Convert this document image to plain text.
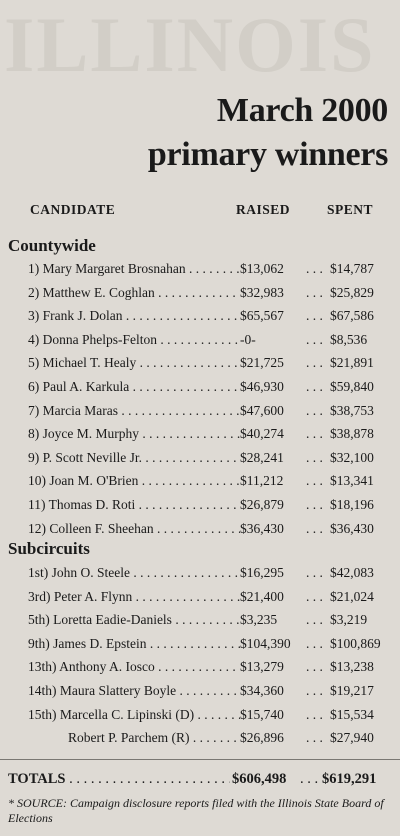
ILLINOIS
March 2000
primary winners
CANDIDATE	RAISED	SPENT
Countywide
1) Mary Margaret Brosnahan . . .	$13,062 . . . $14,787
2) Matthew E. Coghlan . . .	$32,983 . . . $25,829
3) Frank J. Dolan . . .	$65,567 . . . $67,586
4) Donna Phelps-Felton . . .	-0-	. . . $8,536
5) Michael T. Healy . . .	$21,725 . . . $21,891
6) Paul A. Karkula . . .	$46,930 . . . $59,840
7) Marcia Maras . . .	$47,600 . . . $38,753
8) Joyce M. Murphy . . .	$40,274 . . . $38,878
9) P. Scott Neville Jr. . . .	$28,241 . . . $32,100
10) Joan M. O'Brien . . .	$11,212 . . . $13,341
11) Thomas D. Roti . . .	$26,879 . . . $18,196
12) Colleen F. Sheehan . . .	$36,430 . . . $36,430
Subcircuits
1st) John O. Steele . . .	$16,295 . . . $42,083
3rd) Peter A. Flynn . . .	$21,400 . . . $21,024
5th) Loretta Eadie-Daniels . . .	$3,235 . . . $3,219
9th) James D. Epstein . . .	$104,390 . . . $100,869
13th) Anthony A. Iosco . . .	$13,279 . . . $13,238
14th) Maura Slattery Boyle . . .	$34,360 . . . $19,217
15th) Marcella C. Lipinski (D) . . .	$15,740 . . . $15,534
Robert P. Parchem (R) . . .	$26,896 . . . $27,940
TOTALS . . .	$606,498 . . . $619,291
* SOURCE: Campaign disclosure reports filed with the Illinois State Board of Elections
